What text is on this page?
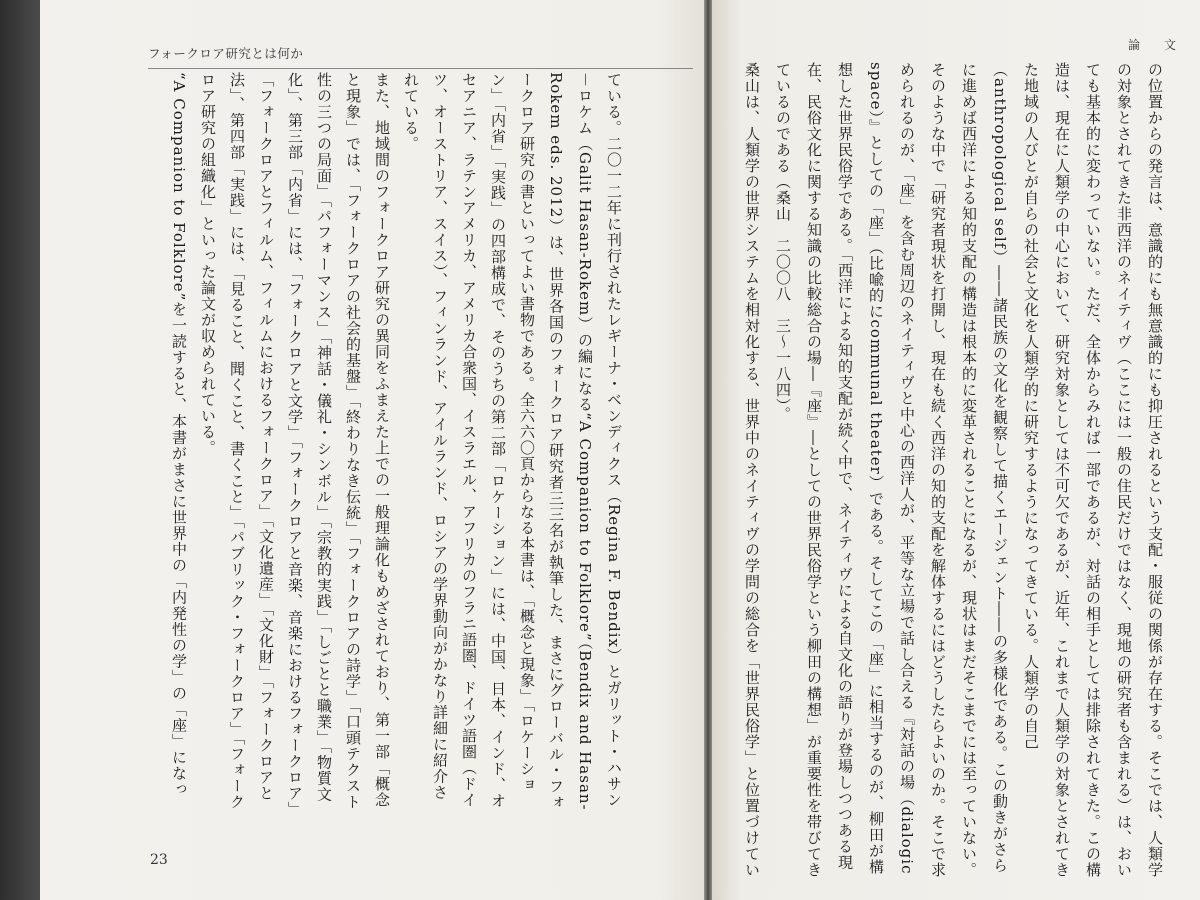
フォークロア研究とは何か
ている。二〇一二年に刊行されたレギーナ・ベンディクス（Regina F. Bendix）とガリット・ハサン－ロケム（Galit Hasan-Rokem）の編になる“A Companion to Folklore”（Bendix and Hasan-Rokem eds. 2012）は、世界各国のフォークロア研究者三三名が執筆した、まさにグローバル・フォークロア研究の書といってよい書物である。全六六〇頁からなる本書は、「概念と現象」「ロケーション」「内省」「実践」の四部構成で、そのうちの第二部「ロケーション」には、中国、日本、インド、オセアニア、ラテンアメリカ、アメリカ合衆国、イスラエル、アフリカのフラニ語圏、ドイツ語圏（ドイツ、オーストリア、スイス）、フィンランド、アイルランド、ロシアの学界動向がかなり詳細に紹介されている。
また、地域間のフォークロア研究の異同をふまえた上での一般理論化もめざされており、第一部「概念と現象」では、「フォークロアの社会的基盤」「終わりなき伝統」「フォークロアの詩学」「口頭テクスト性の三つの局面」「パフォーマンス」「神話・儀礼・シンボル」「宗教的実践」「しごとと職業」「物質文化」、第三部「内省」には、「フォークロアと文学」「フォークロアと音楽、音楽におけるフォークロア」「フォークロアとフィルム、フィルムにおけるフォークロア」「文化遺産」「文化財」「フォークロアと法」、第四部「実践」には、「見ること、聞くこと、書くこと」「パブリック・フォークロア」「フォークロア研究の組織化」といった論文が収められている。
“A Companion to Folklore”を一読すると、本書がまさに世界中の「内発性の学」の「座」になっ

23
論　文
の位置からの発言は、意識的にも無意識的にも抑圧されるという支配・服従の関係が存在する。そこでは、人類学の対象とされてきた非西洋のネイティヴ（ここには一般の住民だけではなく、現地の研究者も含まれる）は、おいても基本的に変わっていない。ただ、全体からみれば一部であるが、対話の相手としては排除されてきた。この構造は、現在に人類学の中心において、研究対象としては不可欠であるが、近年、これまで人類学の対象とされてきた地域の人びとが自らの社会と文化を人類学的に研究するようになってきている。人類学の自己（anthropological self）――諸民族の文化を観察して描くエージェント――の多様化である。この動きがさらに進めば西洋による知的支配の構造は根本的に変革されることになるが、現状はまだそこまでには至っていない。そのような中で「研究者現状を打開し、現在も続く西洋の知的支配を解体するにはどうしたらよいのか。そこで求められるのが、「座」を含む周辺のネイティヴと中心の西洋人が、平等な立場で話し合える『対話の場（dialogic space）』としての「座」（比喩的にcommunal theater）である。そしてこの「座」に相当するのが、柳田が構想した世界民俗学である。「西洋による知的支配が続く中で、ネイティヴによる自文化の語りが登場しつつある現在、民俗文化に関する知識の比較総合の場―『座』―としての世界民俗学という柳田の構想」が重要性を帯びてきているのである（桑山　二〇〇八　三〜一八四）。
桑山は、人類学の世界システムを相対化する、世界中のネイティヴの学問の総合を「世界民俗学」と位置づけてい
